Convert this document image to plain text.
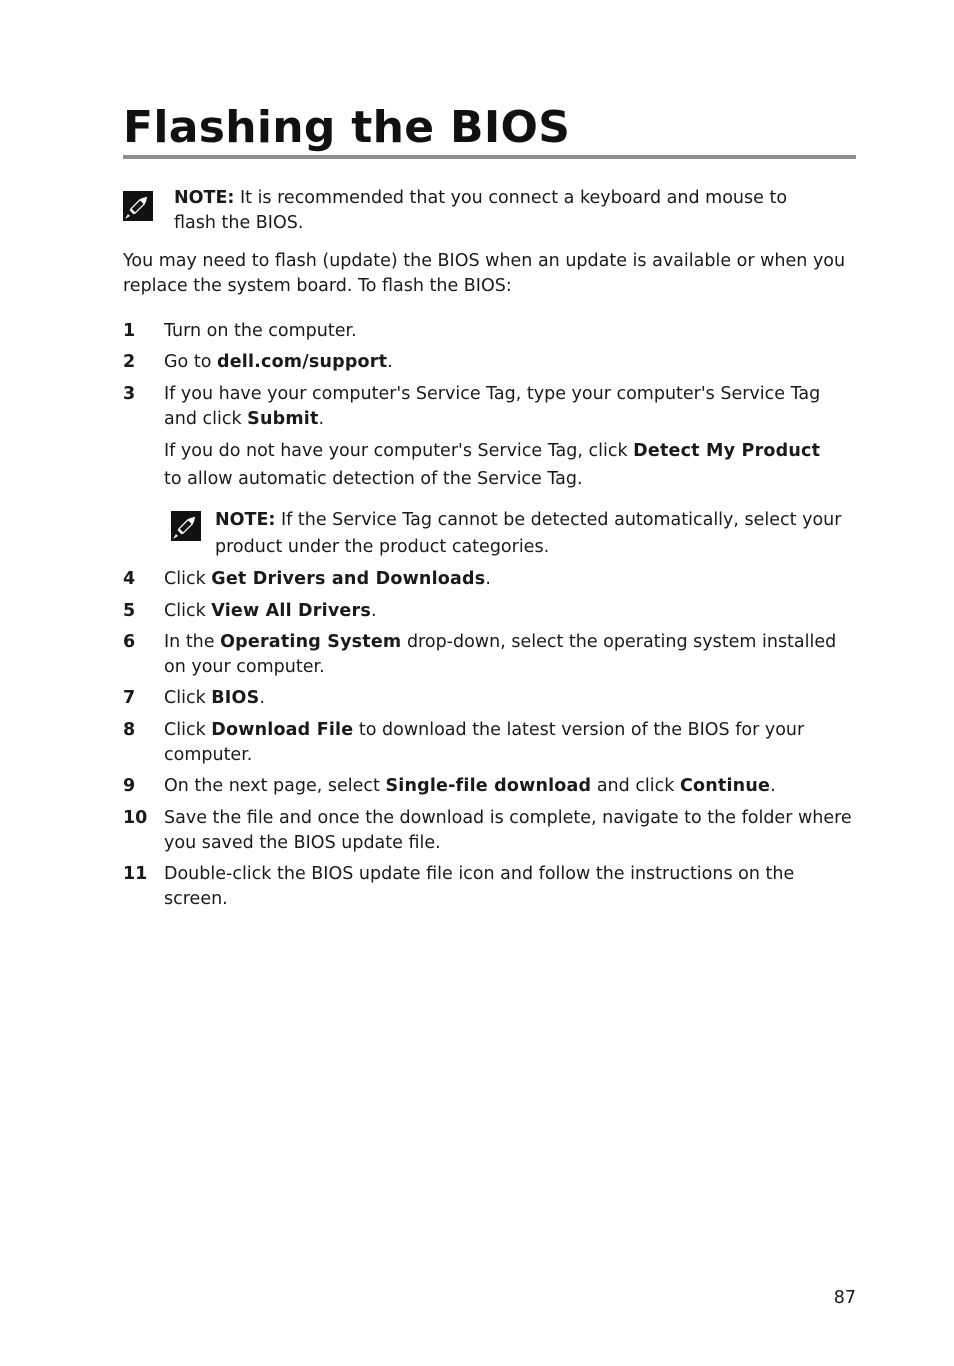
Flashing the BIOS

NOTE: It is recommended that you connect a keyboard and mouse to flash the BIOS.

You may need to flash (update) the BIOS when an update is available or when you replace the system board. To flash the BIOS:

1 Turn on the computer.

2 Go to dell.com/support.

3 If you have your computer's Service Tag, type your computer's Service Tag and click Submit.

If you do not have your computer's Service Tag, click Detect My Product to allow automatic detection of the Service Tag.

NOTE: If the Service Tag cannot be detected automatically, select your product under the product categories.

4 Click Get Drivers and Downloads.

5 Click View All Drivers.

6 In the Operating System drop-down, select the operating system installed on your computer.

7 Click BIOS.

8 Click Download File to download the latest version of the BIOS for your computer.

9 On the next page, select Single-file download and click Continue.

10 Save the file and once the download is complete, navigate to the folder where you saved the BIOS update file.

11 Double-click the BIOS update file icon and follow the instructions on the screen.

87
